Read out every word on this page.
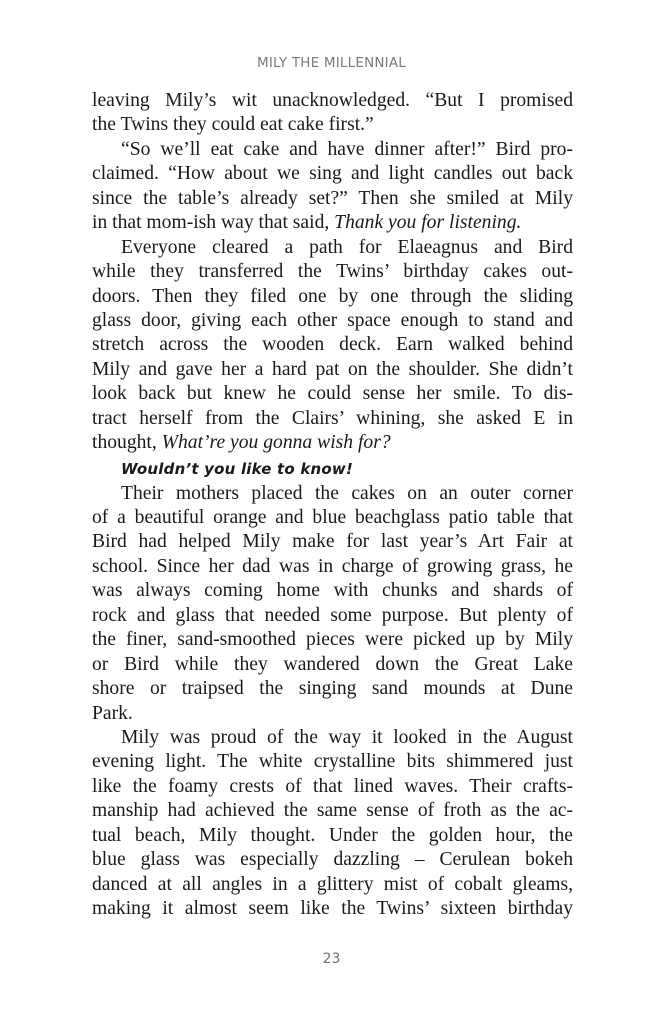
MILY THE MILLENNIAL
leaving Mily’s wit unacknowledged. “But I promised
the Twins they could eat cake first.”
“So we’ll eat cake and have dinner after!” Bird pro-
claimed. “How about we sing and light candles out back
since the table’s already set?” Then she smiled at Mily
in that mom-ish way that said, Thank you for listening.
Everyone cleared a path for Elaeagnus and Bird
while they transferred the Twins’ birthday cakes out-
doors. Then they filed one by one through the sliding
glass door, giving each other space enough to stand and
stretch across the wooden deck. Earn walked behind
Mily and gave her a hard pat on the shoulder. She didn’t
look back but knew he could sense her smile. To dis-
tract herself from the Clairs’ whining, she asked E in
thought, What’re you gonna wish for?
Wouldn’t you like to know!
Their mothers placed the cakes on an outer corner
of a beautiful orange and blue beachglass patio table that
Bird had helped Mily make for last year’s Art Fair at
school. Since her dad was in charge of growing grass, he
was always coming home with chunks and shards of
rock and glass that needed some purpose. But plenty of
the finer, sand-smoothed pieces were picked up by Mily
or Bird while they wandered down the Great Lake
shore or traipsed the singing sand mounds at Dune
Park.
Mily was proud of the way it looked in the August
evening light. The white crystalline bits shimmered just
like the foamy crests of that lined waves. Their crafts-
manship had achieved the same sense of froth as the ac-
tual beach, Mily thought. Under the golden hour, the
blue glass was especially dazzling – Cerulean bokeh
danced at all angles in a glittery mist of cobalt gleams,
making it almost seem like the Twins’ sixteen birthday
23
